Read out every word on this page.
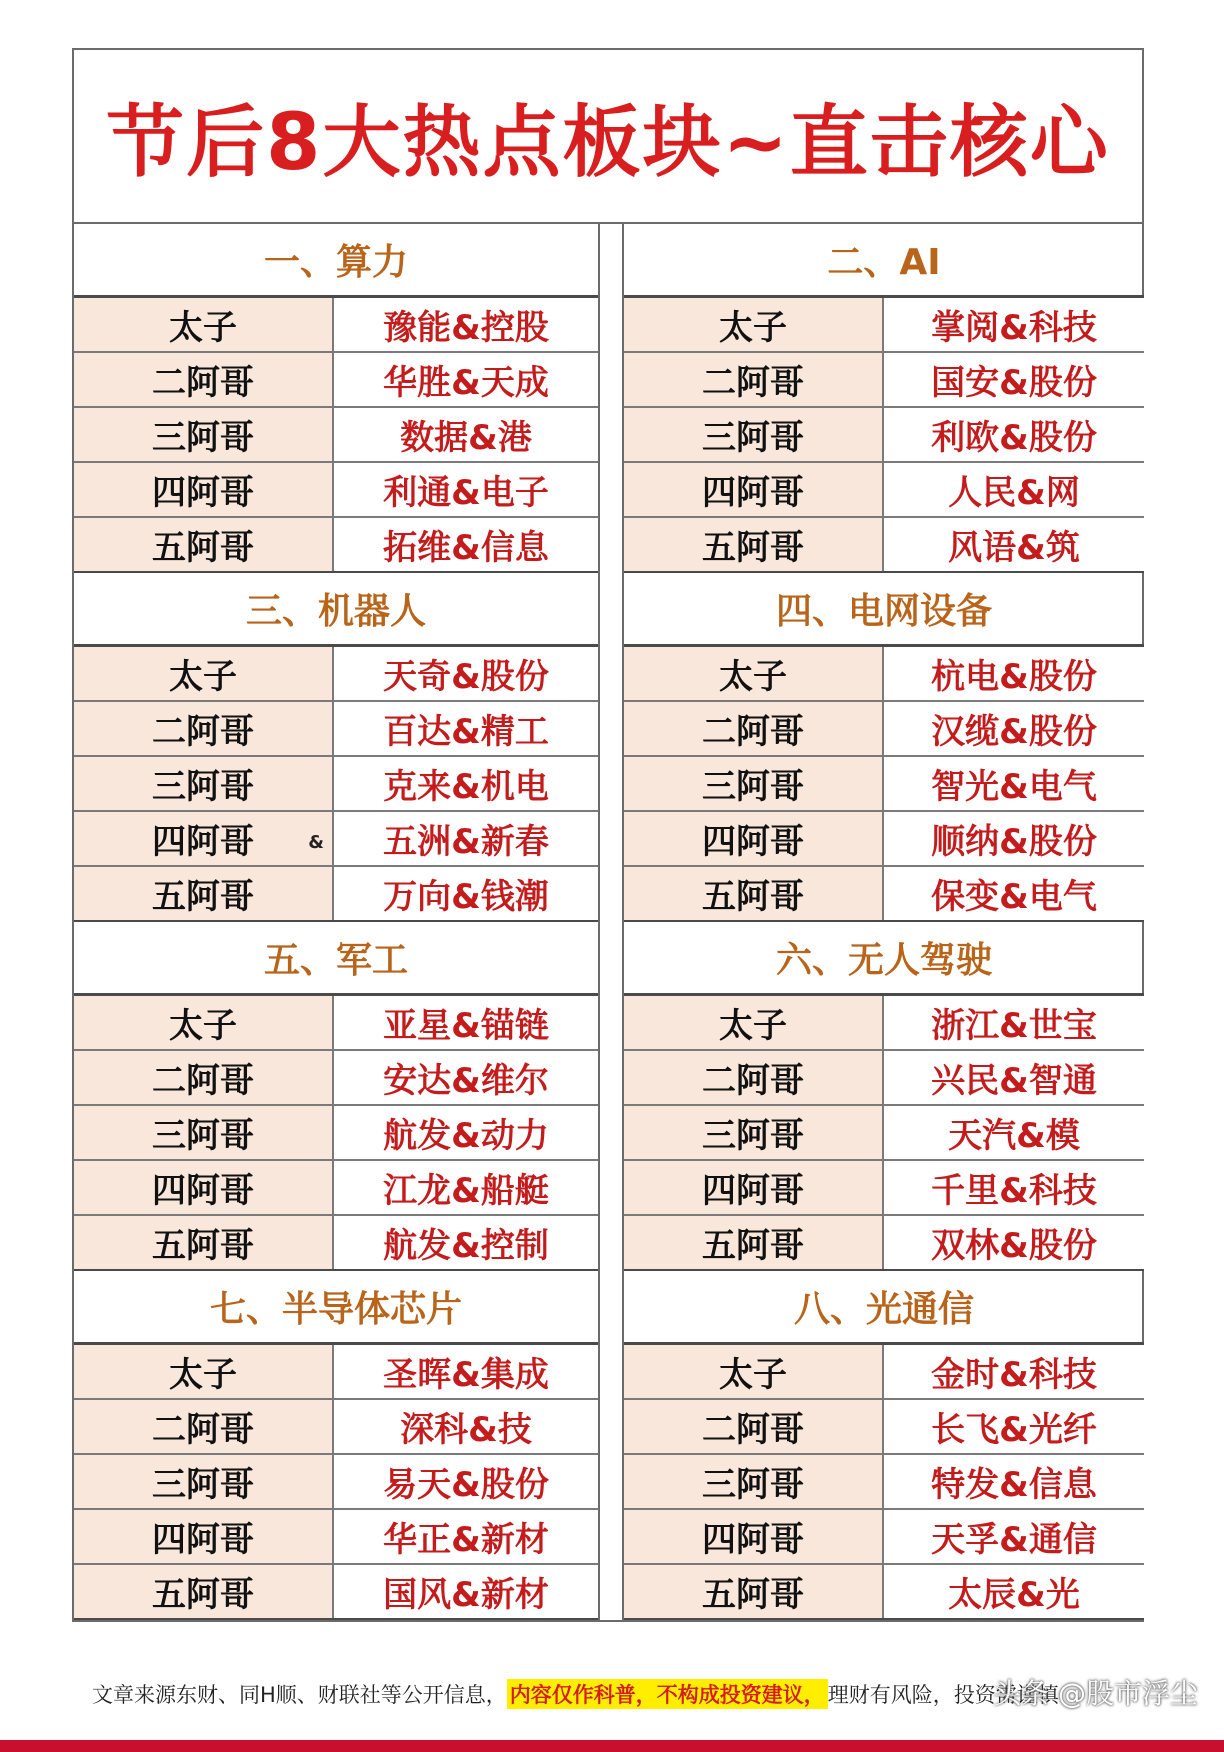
节后8大热点板块~直击核心
一、算力
太子	豫能&控股
二阿哥	华胜&天成
三阿哥	数据&港
四阿哥	利通&电子
五阿哥	拓维&信息
三、机器人
太子	天奇&股份
二阿哥	百达&精工
三阿哥	克来&机电
四阿哥	&	五洲&新春
五阿哥	万向&钱潮
五、军工
太子	亚星&锚链
二阿哥	安达&维尔
三阿哥	航发&动力
四阿哥	江龙&船艇
五阿哥	航发&控制
七、半导体芯片
太子	圣晖&集成
二阿哥	深科&技
三阿哥	易天&股份
四阿哥	华正&新材
五阿哥	国风&新材
二、AI
太子	掌阅&科技
二阿哥	国安&股份
三阿哥	利欧&股份
四阿哥	人民&网
五阿哥	风语&筑
四、电网设备
太子	杭电&股份
二阿哥	汉缆&股份
三阿哥	智光&电气
四阿哥	顺纳&股份
五阿哥	保变&电气
六、无人驾驶
太子	浙江&世宝
二阿哥	兴民&智通
三阿哥	天汽&模
四阿哥	千里&科技
五阿哥	双林&股份
八、光通信
太子	金时&科技
二阿哥	长飞&光纤
三阿哥	特发&信息
四阿哥	天孚&通信
五阿哥	太辰&光
文章来源东财、同H顺、财联社等公开信息， 内容仅作科普，不构成投资建议， 理财有风险，投资需谨慎
头条 @股市浮尘
